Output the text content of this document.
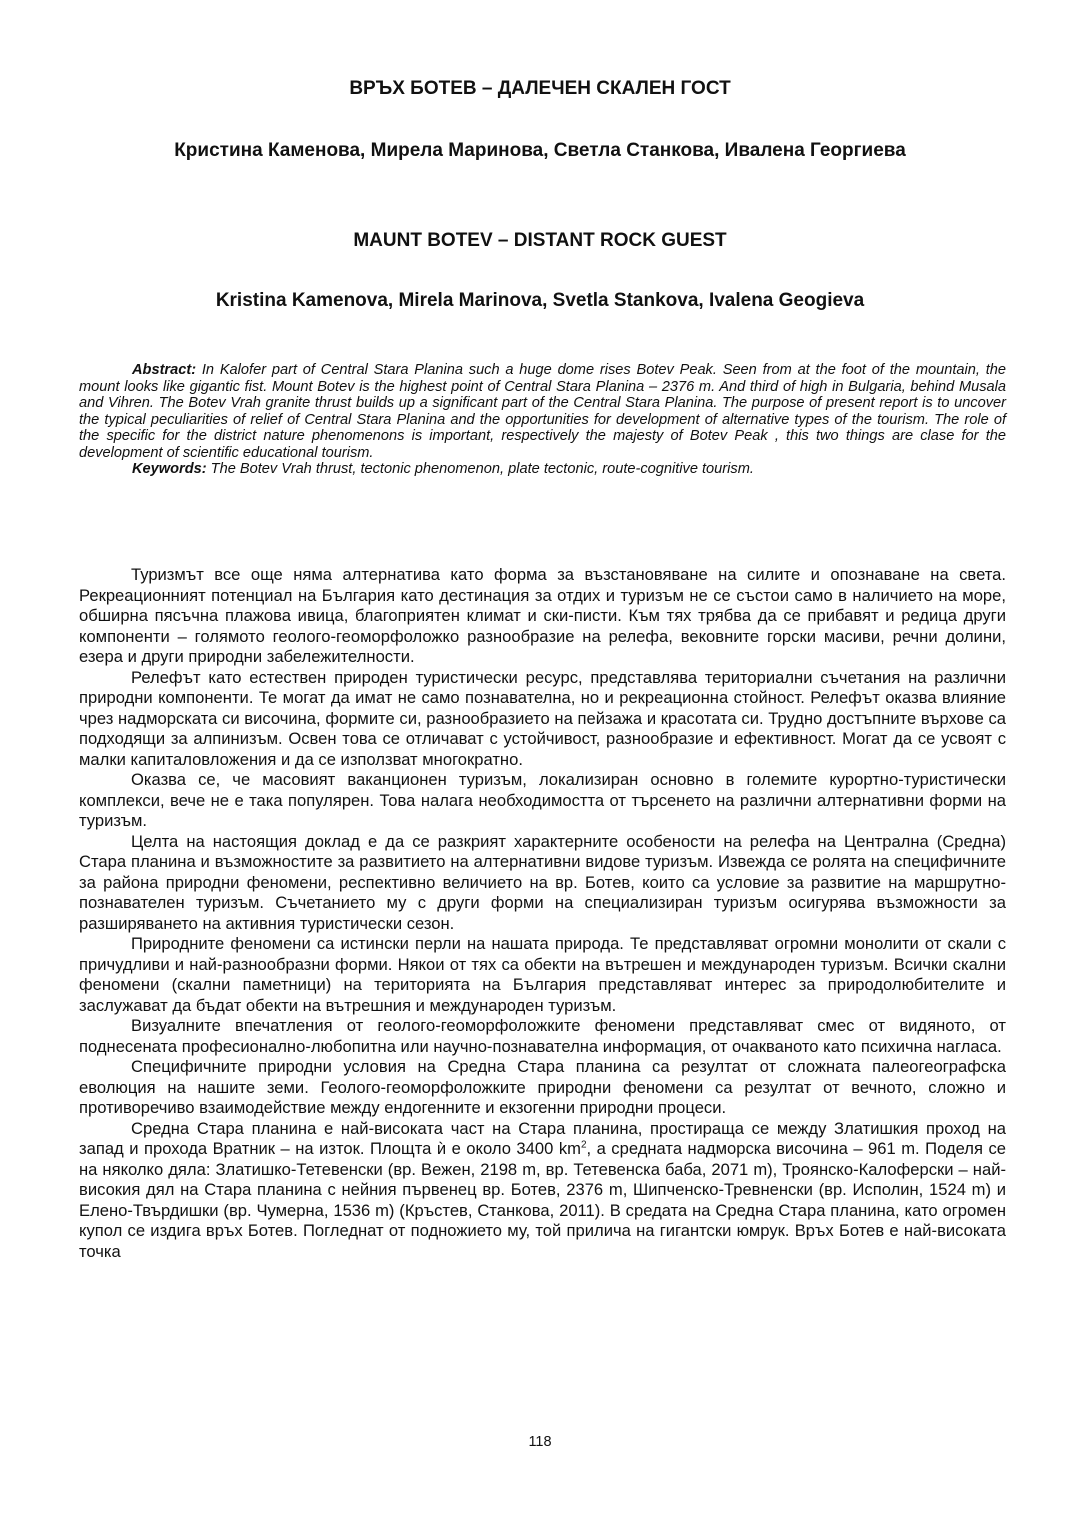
ВРЪХ БОТЕВ – ДАЛЕЧЕН СКАЛЕН ГОСТ
Кристина Каменова, Мирела Маринова, Светла Станкова, Ивалена Георгиева
MAUNT BOTEV – DISTANT ROCK GUEST
Kristina Kamenova, Mirela Marinova, Svetla Stankova, Ivalena Geogieva

Abstract: In Kalofer part of Central Stara Planina such a huge dome rises Botev Peak. Seen from at the foot of the mountain, the mount looks like gigantic fist. Mount Botev is the highest point of Central Stara Planina – 2376 m. And third of high in Bulgaria, behind Musala and Vihren. The Botev Vrah granite thrust builds up a significant part of the Central Stara Planina. The purpose of present report is to uncover the typical peculiarities of relief of Central Stara Planina and the opportunities for development of alternative types of the tourism. The role of the specific for the district nature phenomenons is important, respectively the majesty of Botev Peak , this two things are clase for the development of scientific educational tourism.

Keywords: The Botev Vrah thrust, tectonic phenomenon, plate tectonic, route-cognitive tourism.

Туризмът все още няма алтернатива като форма за възстановяване на силите и опознаване на света. Рекреационният потенциал на България като дестинация за отдих и туризъм не се състои само в наличието на море, обширна пясъчна плажова ивица, благоприятен климат и ски-писти. Към тях трябва да се прибавят и редица други компоненти – голямото геолого-геоморфоложко разнообразие на релефа, вековните горски масиви, речни долини, езера и други природни забележителности.

Релефът като естествен природен туристически ресурс, представлява териториални съчетания на различни природни компоненти. Те могат да имат не само познавателна, но и рекреационна стойност. Релефът оказва влияние чрез надморската си височина, формите си, разнообразието на пейзажа и красотата си. Трудно достъпните върхове са подходящи за алпинизъм. Освен това се отличават с устойчивост, разнообразие и ефективност. Могат да се усвоят с малки капиталовложения и да се използват многократно.

Оказва се, че масовият ваканционен туризъм, локализиран основно в големите курортно-туристически комплекси, вече не е така популярен. Това налага необходимостта от търсенето на различни алтернативни форми на туризъм.

Целта на настоящия доклад е да се разкрият характерните особености на релефа на Централна (Средна) Стара планина и възможностите за развитието на алтернативни видове туризъм. Извежда се ролята на специфичните за района природни феномени, респективно величието на вр. Ботев, които са условие за развитие на маршрутно-познавателен туризъм. Съчетанието му с други форми на специализиран туризъм осигурява възможности за разширяването на активния туристически сезон.

Природните феномени са истински перли на нашата природа. Те представляват огромни монолити от скали с причудливи и най-разнообразни форми. Някои от тях са обекти на вътрешен и международен туризъм. Всички скални феномени (скални паметници) на територията на България представляват интерес за природолюбителите и заслужават да бъдат обекти на вътрешния и международен туризъм.

Визуалните впечатления от геолого-геоморфоложките феномени представляват смес от видяното, от поднесената професионално-любопитна или научно-познавателна информация, от очакваното като психична нагласа.

Специфичните природни условия на Средна Стара планина са резултат от сложната палеогеографска еволюция на нашите земи. Геолого-геоморфоложките природни феномени са резултат от вечното, сложно и противоречиво взаимодействие между ендогенните и екзогенни природни процеси.

Средна Стара планина е най-високата част на Стара планина, простираща се между Златишкия проход на запад и прохода Вратник – на изток. Площта ѝ е около 3400 $km^2$, а средната надморска височина – 961 m. Поделя се на няколко дяла: Златишко-Тетевенски (вр. Вежен, 2198 m, вр. Тетевенска баба, 2071 m), Троянско-Калоферски – най-високия дял на Стара планина с нейния първенец вр. Ботев, 2376 m, Шипченско-Тревненски (вр. Исполин, 1524 m) и Елено-Твърдишки (вр. Чумерна, 1536 m) (Кръстев, Станкова, 2011). В средата на Средна Стара планина, като огромен купол се издига връх Ботев. Погледнат от подножието му, той прилича на гигантски юмрук. Връх Ботев е най-високата точка

118
